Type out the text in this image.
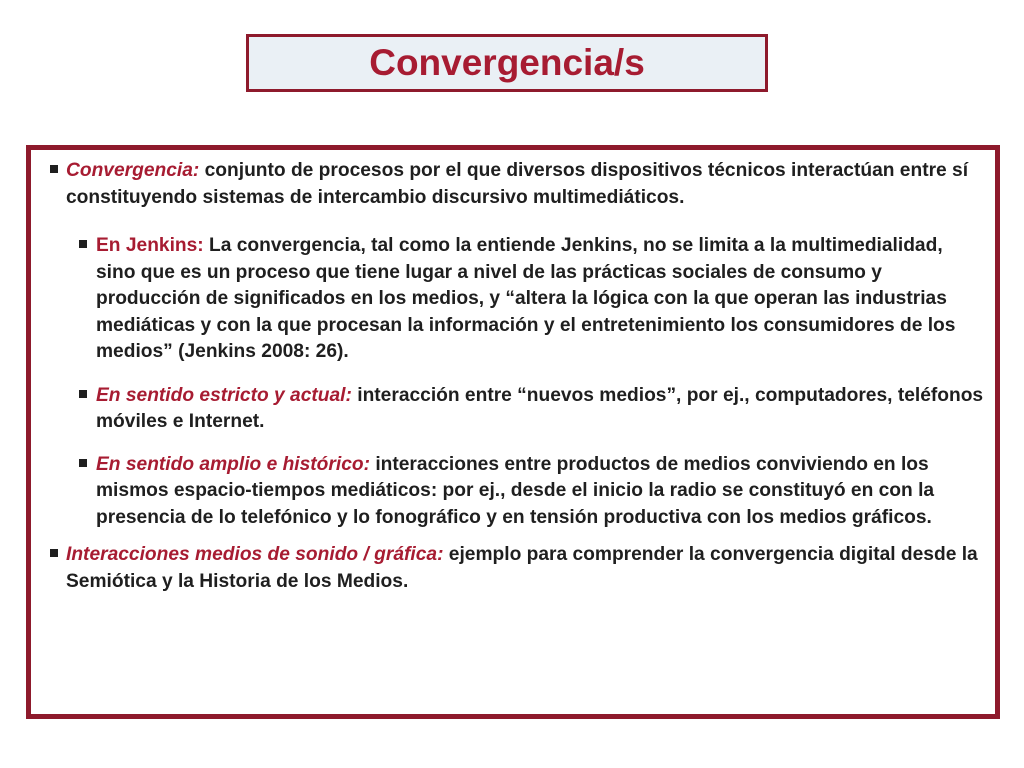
Convergencia/s
Convergencia: conjunto de procesos por el que diversos dispositivos técnicos interactúan entre sí constituyendo sistemas de intercambio discursivo multimediáticos.
En Jenkins: La convergencia, tal como la entiende Jenkins, no se limita a la multimedialidad, sino que es un proceso que tiene lugar a nivel de las prácticas sociales de consumo y producción de significados en los medios, y “altera la lógica con la que operan las industrias mediáticas y con la que procesan la información y el entretenimiento los consumidores de los medios” (Jenkins 2008: 26).
En sentido estricto y actual: interacción entre “nuevos medios”, por ej., computadores, teléfonos móviles e Internet.
En sentido amplio e histórico: interacciones entre productos de medios conviviendo en los mismos espacio-tiempos mediáticos: por ej., desde el inicio la radio se constituyó en con la presencia de lo telefónico y lo fonográfico y en tensión productiva con los medios gráficos.
Interacciones medios de sonido / gráfica: ejemplo para comprender la convergencia digital desde la Semiótica y la Historia de los Medios.
